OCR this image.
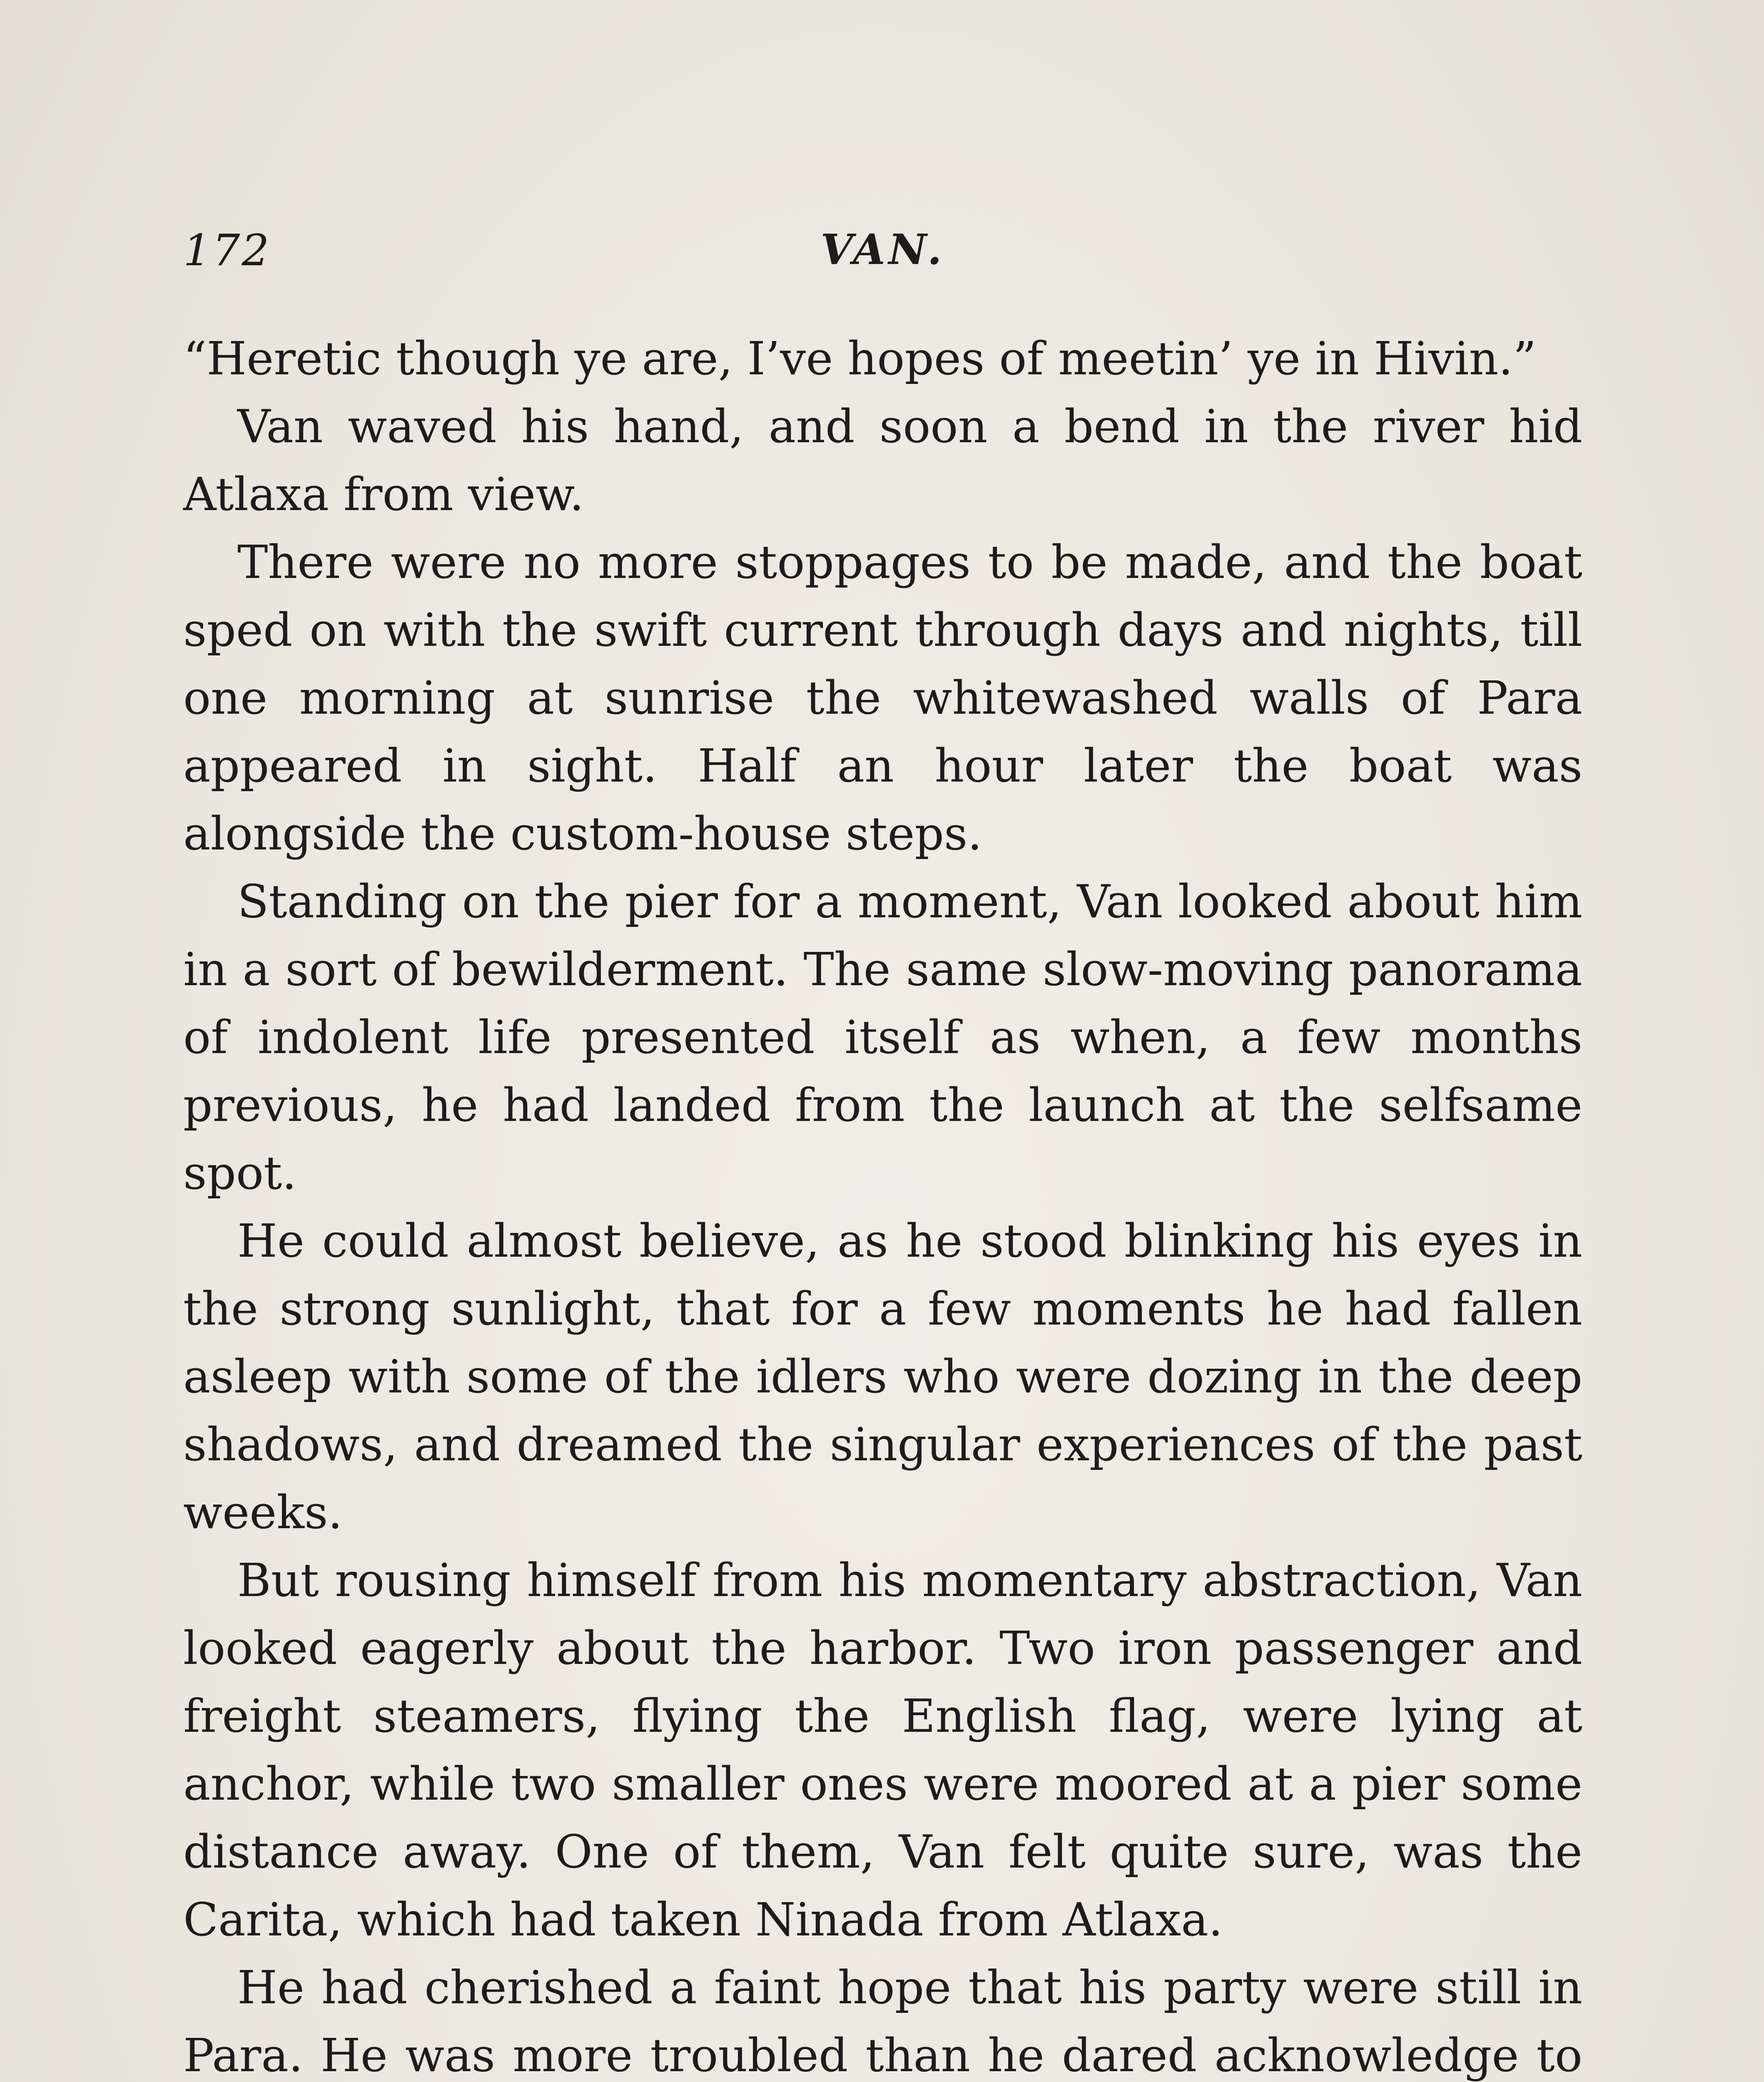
172	VAN.

“Heretic though ye are, I’ve hopes of meetin’ ye in Hivin.”

Van waved his hand, and soon a bend in the river hid Atlaxa from view.

There were no more stoppages to be made, and the boat sped on with the swift current through days and nights, till one morning at sunrise the whitewashed walls of Para appeared in sight. Half an hour later the boat was alongside the custom-house steps.

Standing on the pier for a moment, Van looked about him in a sort of bewilderment. The same slow-moving panorama of indolent life presented itself as when, a few months previous, he had landed from the launch at the selfsame spot.

He could almost believe, as he stood blinking his eyes in the strong sunlight, that for a few moments he had fallen asleep with some of the idlers who were dozing in the deep shadows, and dreamed the singular experiences of the past weeks.

But rousing himself from his momentary abstraction, Van looked eagerly about the harbor. Two iron passenger and freight steamers, flying the English flag, were lying at anchor, while two smaller ones were moored at a pier some distance away. One of them, Van felt quite sure, was the Carita, which had taken Ninada from Atlaxa.

He had cherished a faint hope that his party were still in Para. He was more troubled than he dared acknowledge to
